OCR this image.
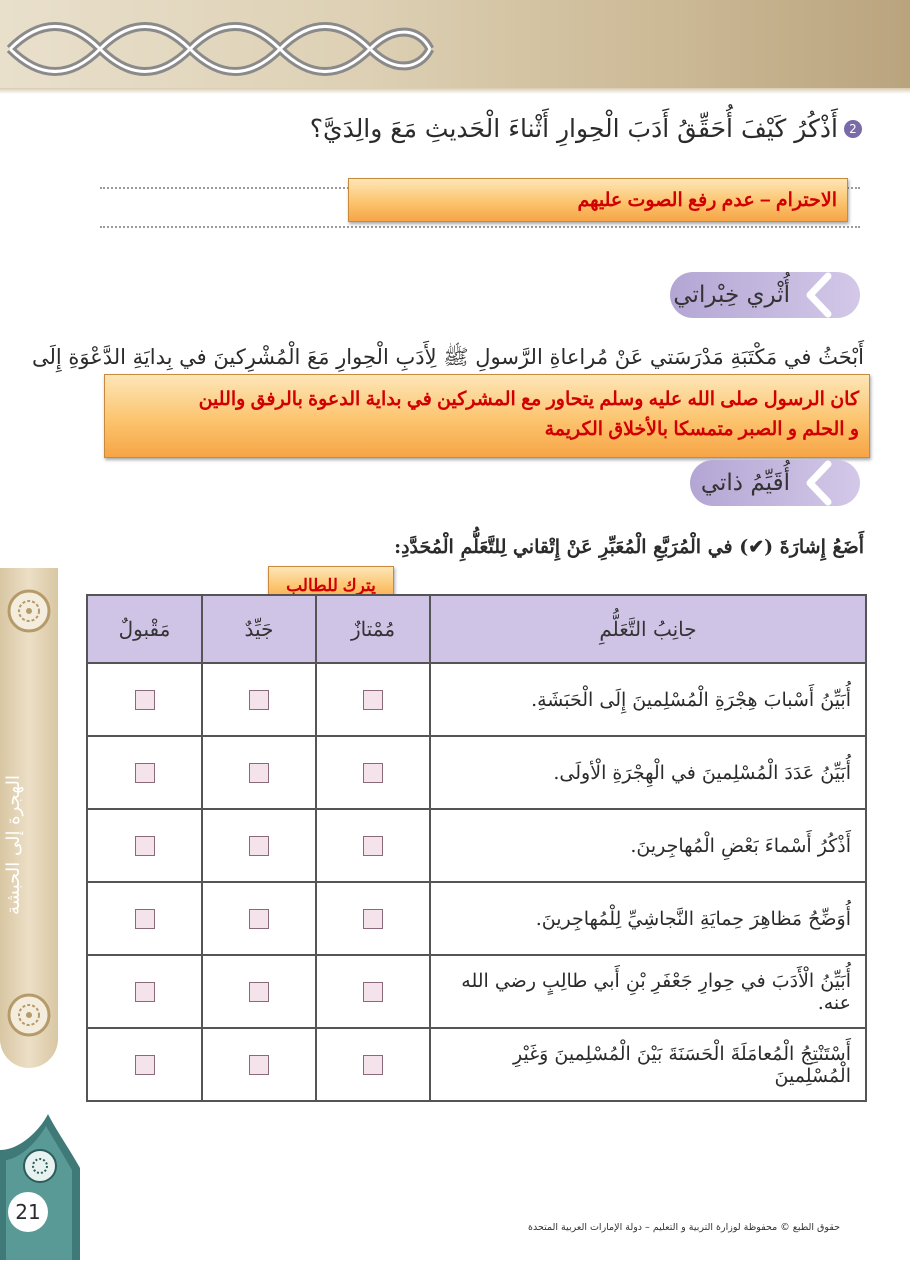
2
أَذْكُرُ كَيْفَ أُحَقِّقُ أَدَبَ الْحِوارِ أَثْناءَ الْحَديثِ مَعَ والِدَيَّ؟
الاحترام – عدم رفع الصوت عليهم
أُثْري خِبْراتي
أَبْحَثُ في مَكْتَبَةِ مَدْرَسَتي عَنْ مُراعاةِ الرَّسولِ ﷺ لِأَدَبِ الْحِوارِ مَعَ الْمُشْرِكينَ في بِدايَةِ الدَّعْوَةِ إِلَى
كان الرسول صلى الله عليه وسلم يتحاور مع المشركين في بداية الدعوة بالرفق واللين
و الحلم و الصبر متمسكا بالأخلاق الكريمة
أُقَيِّمُ ذاتي
أَضَعُ إِشارَةَ (✔) في الْمُرَبَّعِ الْمُعَبِّرِ عَنْ إِتْقاني لِلتَّعَلُّمِ الْمُحَدَّدِ:
يترك للطالب
جانِبُ التَّعَلُّمِ	مُمْتازٌ	جَيِّدٌ	مَقْبولٌ
أُبَيِّنُ أَسْبابَ هِجْرَةِ الْمُسْلِمينَ إِلَى الْحَبَشَةِ.	

أُبَيِّنُ عَدَدَ الْمُسْلِمينَ في الْهِجْرَةِ الْأولَى.	

أَذْكُرُ أَسْماءَ بَعْضِ الْمُهاجِرينَ.	

أُوَضِّحُ مَظاهِرَ حِمايَةِ النَّجاشِيِّ لِلْمُهاجِرينَ.	

أُبَيِّنُ الْأَدَبَ في حِوارِ جَعْفَرِ بْنِ أَبي طالِبٍ رضي الله عنه.	

أَسْتَنْتِجُ الْمُعامَلَةَ الْحَسَنَةَ بَيْنَ الْمُسْلِمينَ وَغَيْرِ الْمُسْلِمينَ	

الهجرة إلى الحبشة
21
حقوق الطبع © محفوظة لوزارة التربية و التعليم – دولة الإمارات العربية المتحدة
